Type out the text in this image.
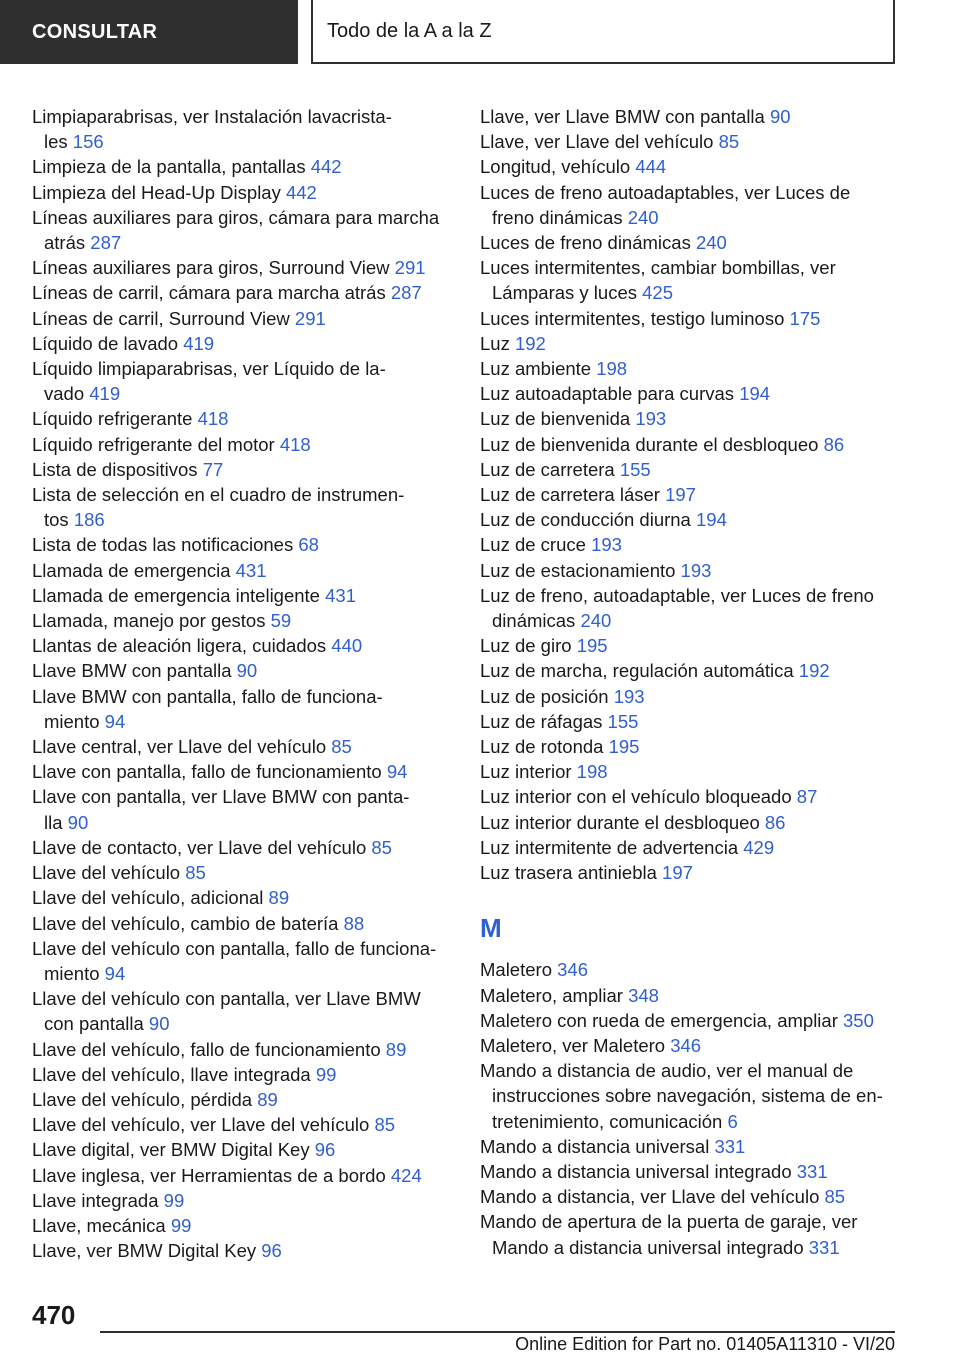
CONSULTAR	Todo de la A a la Z
Limpiaparabrisas, ver Instalación lavacrista-
les 156
Limpieza de la pantalla, pantallas 442
Limpieza del Head-Up Display 442
Líneas auxiliares para giros, cámara para marcha
atrás 287
Líneas auxiliares para giros, Surround View 291
Líneas de carril, cámara para marcha atrás 287
Líneas de carril, Surround View 291
Líquido de lavado 419
Líquido limpiaparabrisas, ver Líquido de la-
vado 419
Líquido refrigerante 418
Líquido refrigerante del motor 418
Lista de dispositivos 77
Lista de selección en el cuadro de instrumen-
tos 186
Lista de todas las notificaciones 68
Llamada de emergencia 431
Llamada de emergencia inteligente 431
Llamada, manejo por gestos 59
Llantas de aleación ligera, cuidados 440
Llave BMW con pantalla 90
Llave BMW con pantalla, fallo de funciona-
miento 94
Llave central, ver Llave del vehículo 85
Llave con pantalla, fallo de funcionamiento 94
Llave con pantalla, ver Llave BMW con panta-
lla 90
Llave de contacto, ver Llave del vehículo 85
Llave del vehículo 85
Llave del vehículo, adicional 89
Llave del vehículo, cambio de batería 88
Llave del vehículo con pantalla, fallo de funciona-
miento 94
Llave del vehículo con pantalla, ver Llave BMW
con pantalla 90
Llave del vehículo, fallo de funcionamiento 89
Llave del vehículo, llave integrada 99
Llave del vehículo, pérdida 89
Llave del vehículo, ver Llave del vehículo 85
Llave digital, ver BMW Digital Key 96
Llave inglesa, ver Herramientas de a bordo 424
Llave integrada 99
Llave, mecánica 99
Llave, ver BMW Digital Key 96
Llave, ver Llave BMW con pantalla 90
Llave, ver Llave del vehículo 85
Longitud, vehículo 444
Luces de freno autoadaptables, ver Luces de
freno dinámicas 240
Luces de freno dinámicas 240
Luces intermitentes, cambiar bombillas, ver
Lámparas y luces 425
Luces intermitentes, testigo luminoso 175
Luz 192
Luz ambiente 198
Luz autoadaptable para curvas 194
Luz de bienvenida 193
Luz de bienvenida durante el desbloqueo 86
Luz de carretera 155
Luz de carretera láser 197
Luz de conducción diurna 194
Luz de cruce 193
Luz de estacionamiento 193
Luz de freno, autoadaptable, ver Luces de freno
dinámicas 240
Luz de giro 195
Luz de marcha, regulación automática 192
Luz de posición 193
Luz de ráfagas 155
Luz de rotonda 195
Luz interior 198
Luz interior con el vehículo bloqueado 87
Luz interior durante el desbloqueo 86
Luz intermitente de advertencia 429
Luz trasera antiniebla 197
M
Maletero 346
Maletero, ampliar 348
Maletero con rueda de emergencia, ampliar 350
Maletero, ver Maletero 346
Mando a distancia de audio, ver el manual de
instrucciones sobre navegación, sistema de en-
tretenimiento, comunicación 6
Mando a distancia universal 331
Mando a distancia universal integrado 331
Mando a distancia, ver Llave del vehículo 85
Mando de apertura de la puerta de garaje, ver
Mando a distancia universal integrado 331
470
Online Edition for Part no. 01405A11310 - VI/20
